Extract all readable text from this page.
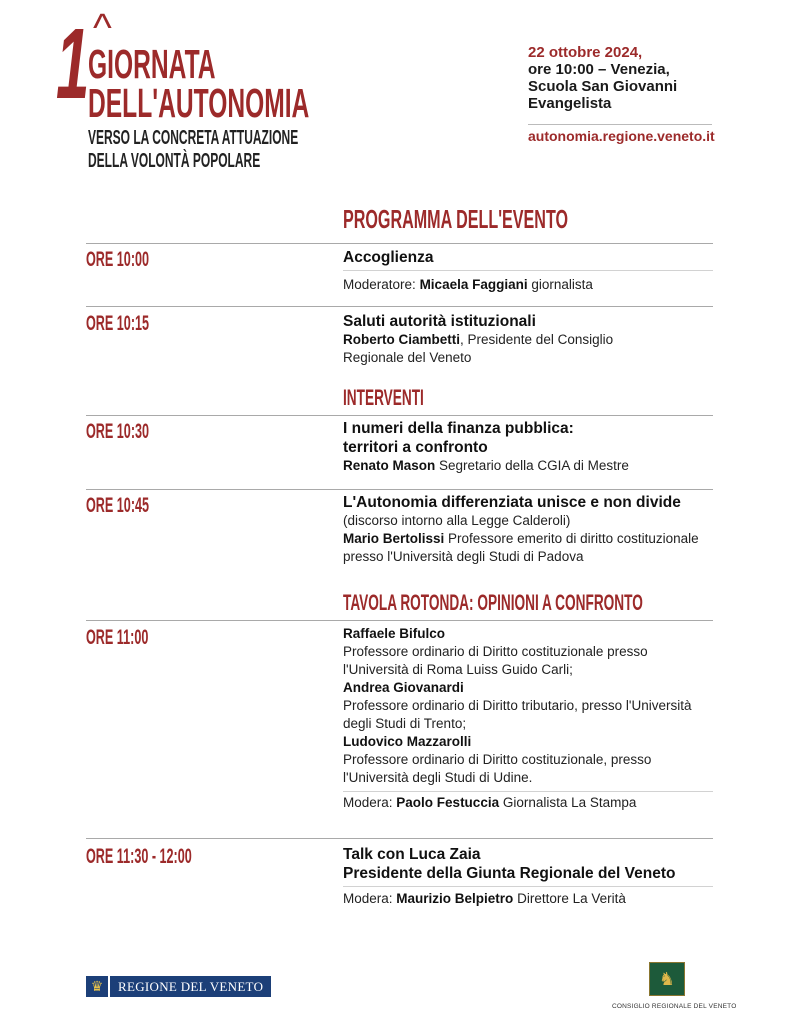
1 ^
GIORNATA
DELL'AUTONOMIA
VERSO LA CONCRETA ATTUAZIONE
DELLA VOLONTÀ POPOLARE
22 ottobre 2024,
ore 10:00 – Venezia,
Scuola San Giovanni
Evangelista
autonomia.regione.veneto.it
PROGRAMMA DELL'EVENTO
ORE 10:00	Accoglienza
Moderatore: Micaela Faggiani giornalista
ORE 10:15	Saluti autorità istituzionali
Roberto Ciambetti, Presidente del Consiglio
Regionale del Veneto
INTERVENTI
ORE 10:30	I numeri della finanza pubblica:
territori a confronto
Renato Mason Segretario della CGIA di Mestre
ORE 10:45	L'Autonomia differenziata unisce e non divide
(discorso intorno alla Legge Calderoli)
Mario Bertolissi Professore emerito di diritto costituzionale
presso l'Università degli Studi di Padova
TAVOLA ROTONDA: OPINIONI A CONFRONTO
ORE 11:00	Raffaele Bifulco
Professore ordinario di Diritto costituzionale presso
l'Università di Roma Luiss Guido Carli;
Andrea Giovanardi
Professore ordinario di Diritto tributario, presso l'Università
degli Studi di Trento;
Ludovico Mazzarolli
Professore ordinario di Diritto costituzionale, presso
l'Università degli Studi di Udine.
Modera: Paolo Festuccia Giornalista La Stampa
ORE 11:30 - 12:00	Talk con Luca Zaia
Presidente della Giunta Regionale del Veneto
Modera: Maurizio Belpietro Direttore La Verità
♛	REGIONE DEL VENETO	♞
CONSIGLIO REGIONALE DEL VENETO
